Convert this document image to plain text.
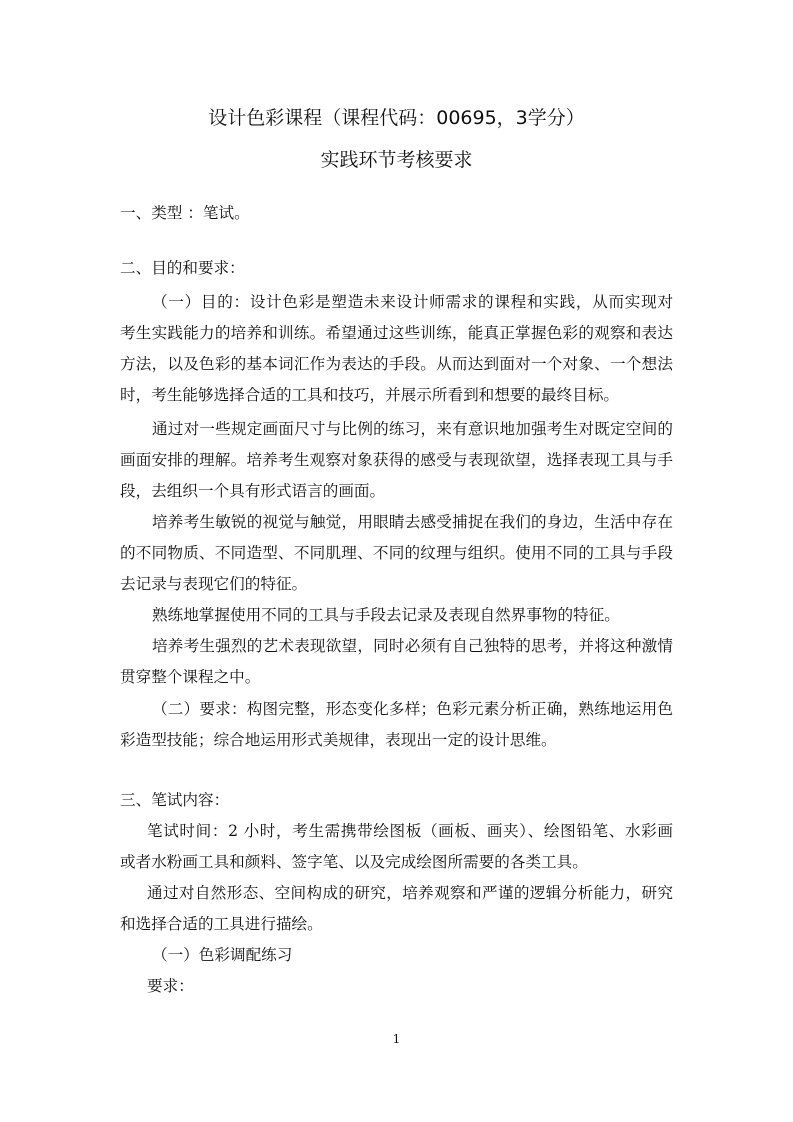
设计色彩课程（课程代码：00695，3学分）
实践环节考核要求
一、类型 ：笔试。
二、目的和要求：
（一）目的：设计色彩是塑造未来设计师需求的课程和实践，从而实现对
考生实践能力的培养和训练。希望通过这些训练，能真正掌握色彩的观察和表达
方法，以及色彩的基本词汇作为表达的手段。从而达到面对一个对象、一个想法
时，考生能够选择合适的工具和技巧，并展示所看到和想要的最终目标。
通过对一些规定画面尺寸与比例的练习，来有意识地加强考生对既定空间的
画面安排的理解。培养考生观察对象获得的感受与表现欲望，选择表现工具与手
段，去组织一个具有形式语言的画面。
培养考生敏锐的视觉与触觉，用眼睛去感受捕捉在我们的身边，生活中存在
的不同物质、不同造型、不同肌理、不同的纹理与组织。使用不同的工具与手段
去记录与表现它们的特征。
熟练地掌握使用不同的工具与手段去记录及表现自然界事物的特征。
培养考生强烈的艺术表现欲望，同时必须有自己独特的思考，并将这种激情
贯穿整个课程之中。
（二）要求：构图完整，形态变化多样；色彩元素分析正确，熟练地运用色
彩造型技能；综合地运用形式美规律，表现出一定的设计思维。
三、笔试内容：
笔试时间：2 小时，考生需携带绘图板（画板、画夹）、绘图铅笔、水彩画
或者水粉画工具和颜料、签字笔、以及完成绘图所需要的各类工具。
通过对自然形态、空间构成的研究，培养观察和严谨的逻辑分析能力，研究
和选择合适的工具进行描绘。
（一）色彩调配练习
要求：
1
